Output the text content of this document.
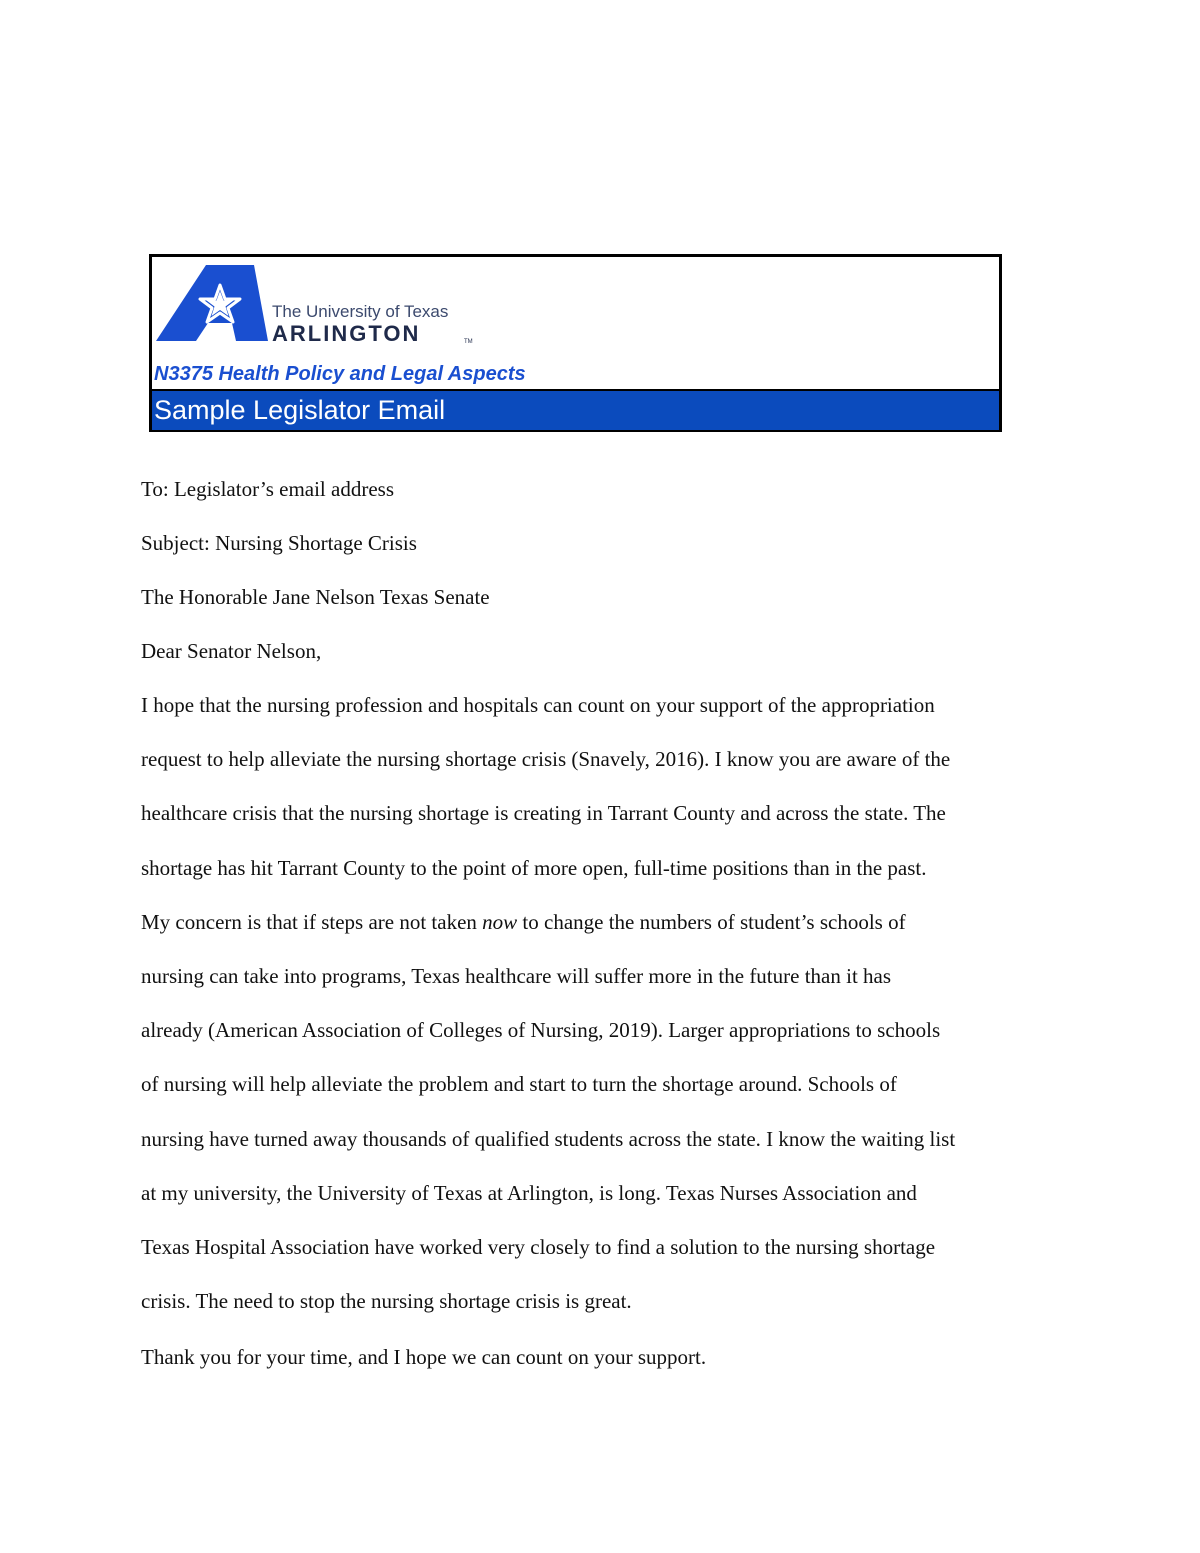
The University of Texas
ARLINGTON	TM
N3375 Health Policy and Legal Aspects
Sample Legislator Email

To: Legislator’s email address

Subject: Nursing Shortage Crisis

The Honorable Jane Nelson Texas Senate

Dear Senator Nelson,

I hope that the nursing profession and hospitals can count on your support of the appropriation
request to help alleviate the nursing shortage crisis (Snavely, 2016). I know you are aware of the
healthcare crisis that the nursing shortage is creating in Tarrant County and across the state. The
shortage has hit Tarrant County to the point of more open, full-time positions than in the past.
My concern is that if steps are not taken now to change the numbers of student’s schools of
nursing can take into programs, Texas healthcare will suffer more in the future than it has
already (American Association of Colleges of Nursing, 2019). Larger appropriations to schools
of nursing will help alleviate the problem and start to turn the shortage around. Schools of
nursing have turned away thousands of qualified students across the state. I know the waiting list
at my university, the University of Texas at Arlington, is long. Texas Nurses Association and
Texas Hospital Association have worked very closely to find a solution to the nursing shortage
crisis. The need to stop the nursing shortage crisis is great.

Thank you for your time, and I hope we can count on your support.
